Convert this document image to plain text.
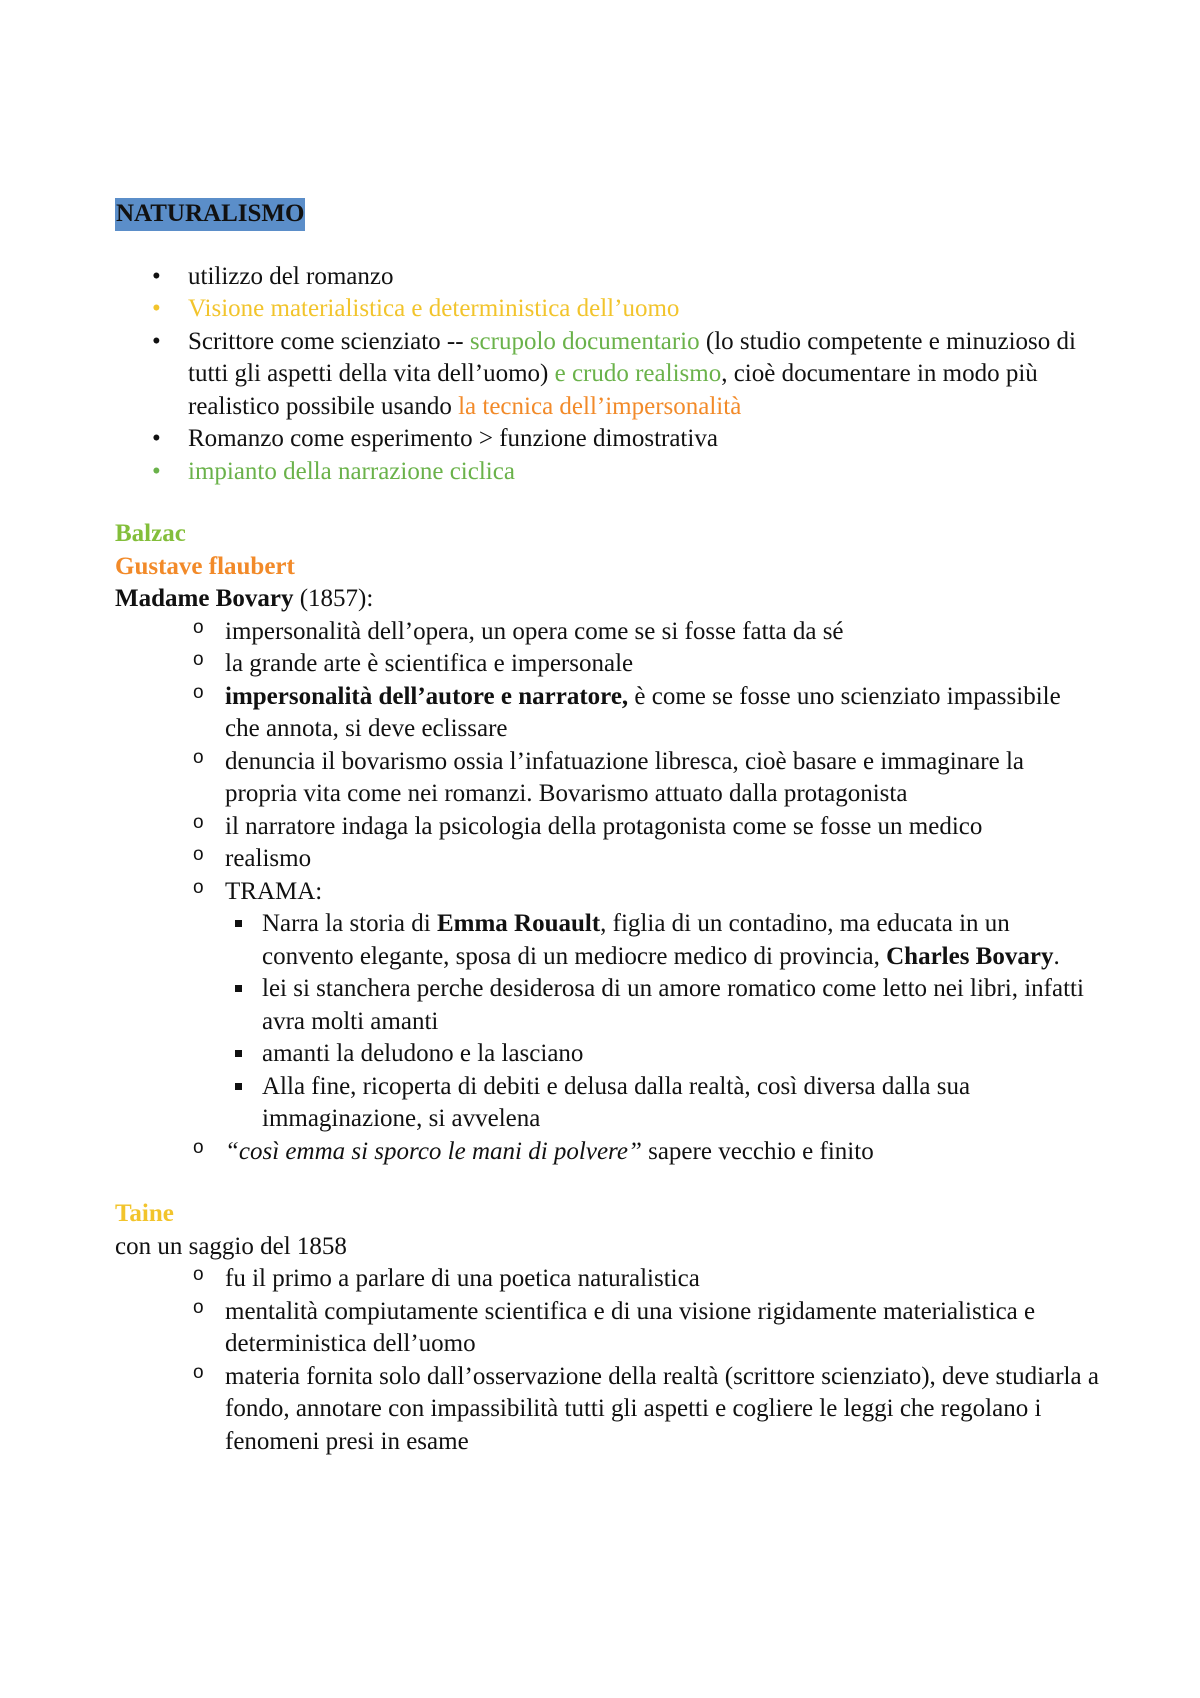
NATURALISMO
• utilizzo del romanzo
• Visione materialistica e deterministica dell’uomo
• Scrittore come scienziato -- scrupolo documentario (lo studio competente e minuzioso di tutti gli aspetti della vita dell’uomo) e crudo realismo, cioè documentare in modo più realistico possibile usando la tecnica dell’impersonalità
• Romanzo come esperimento > funzione dimostrativa
• impianto della narrazione ciclica
Balzac
Gustave flaubert
Madame Bovary (1857):
o impersonalità dell’opera, un opera come se si fosse fatta da sé
o la grande arte è scientifica e impersonale
o impersonalità dell’autore e narratore, è come se fosse uno scienziato impassibile che annota, si deve eclissare
o denuncia il bovarismo ossia l’infatuazione libresca, cioè basare e immaginare la propria vita come nei romanzi. Bovarismo attuato dalla protagonista
o il narratore indaga la psicologia della protagonista come se fosse un medico
o realismo
o TRAMA:
Narra la storia di Emma Rouault, figlia di un contadino, ma educata in un convento elegante, sposa di un mediocre medico di provincia, Charles Bovary.
lei si stanchera perche desiderosa di un amore romatico come letto nei libri, infatti avra molti amanti
amanti la deludono e la lasciano
Alla fine, ricoperta di debiti e delusa dalla realtà, così diversa dalla sua immaginazione, si avvelena
o “così emma si sporco le mani di polvere” sapere vecchio e finito
Taine
con un saggio del 1858
o fu il primo a parlare di una poetica naturalistica
o mentalità compiutamente scientifica e di una visione rigidamente materialistica e deterministica dell’uomo
o materia fornita solo dall’osservazione della realtà (scrittore scienziato), deve studiarla a fondo, annotare con impassibilità tutti gli aspetti e cogliere le leggi che regolano i fenomeni presi in esame
